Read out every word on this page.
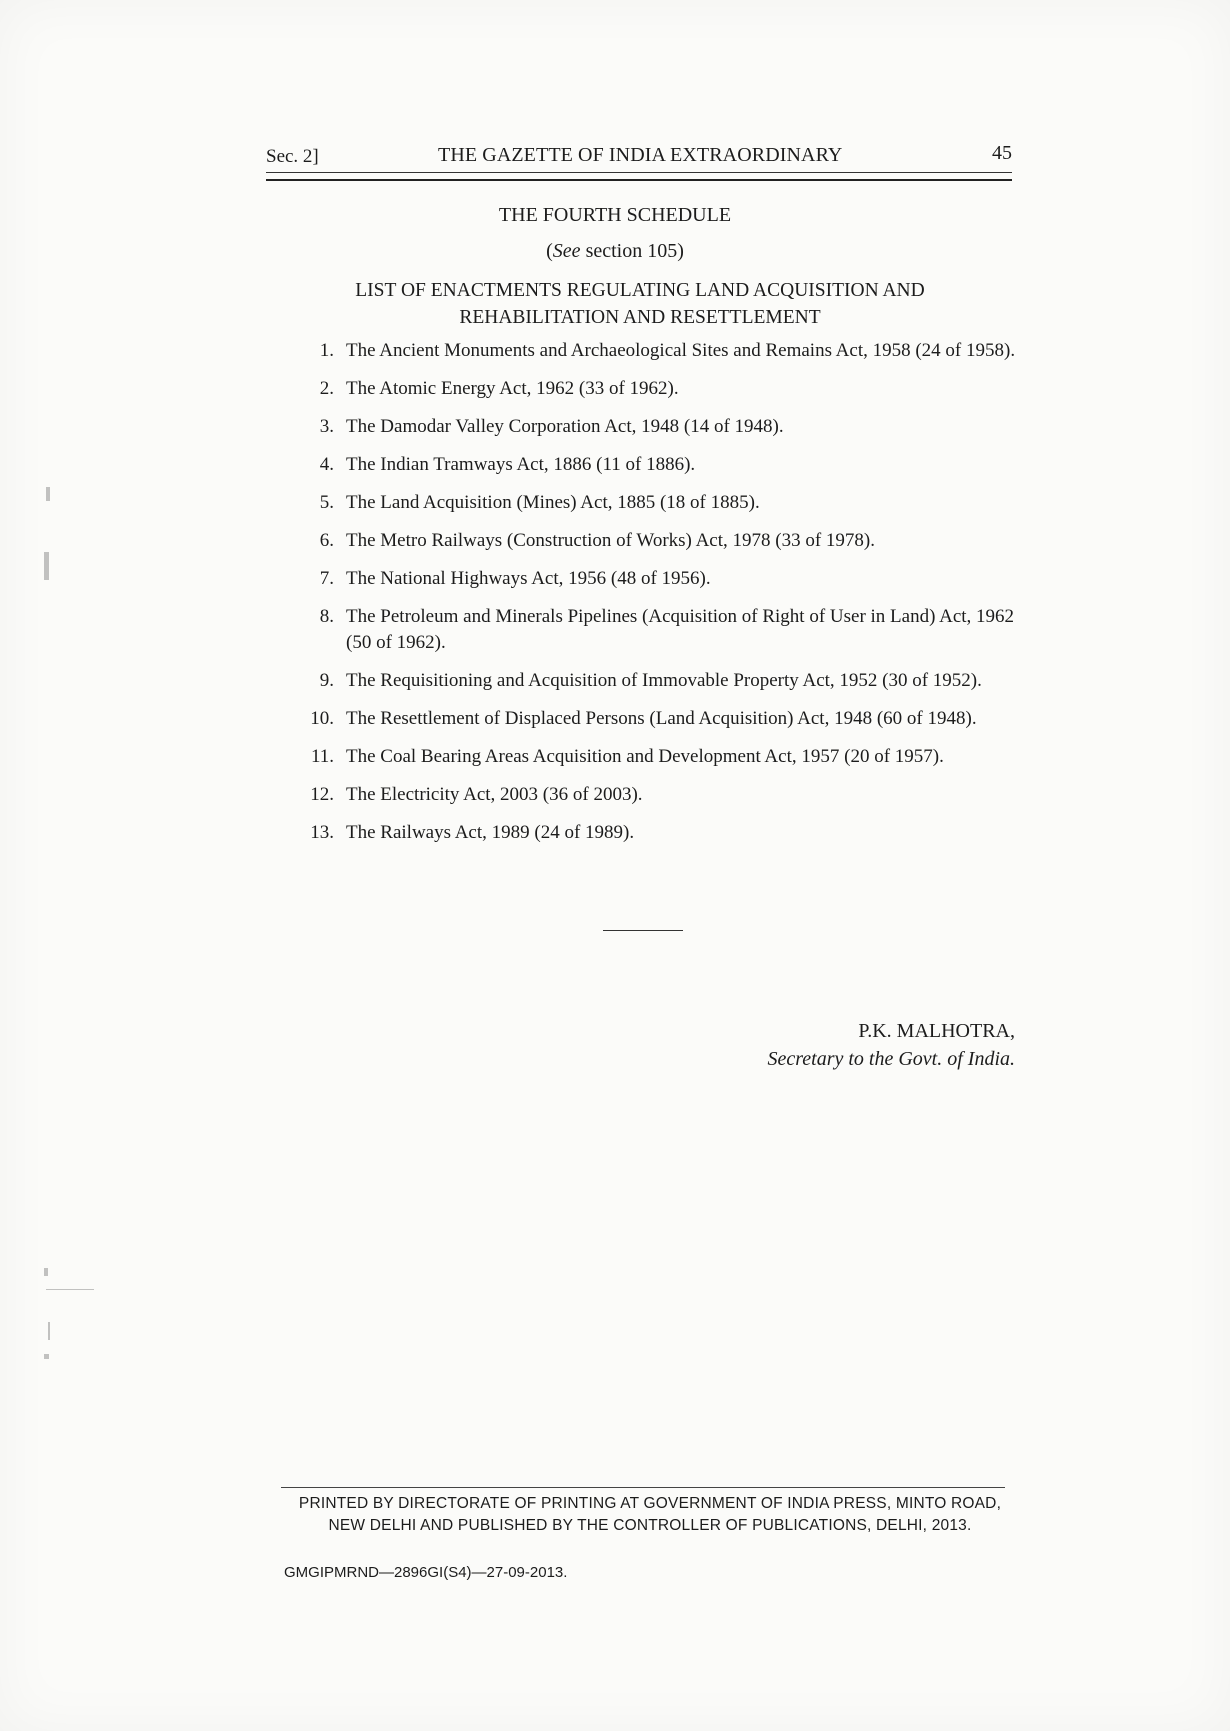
Sec. 2]	THE GAZETTE OF INDIA EXTRAORDINARY	45
THE FOURTH SCHEDULE
(See section 105)
LIST OF ENACTMENTS REGULATING LAND ACQUISITION AND
REHABILITATION AND RESETTLEMENT
1. The Ancient Monuments and Archaeological Sites and Remains Act, 1958 (24 of 1958).
2. The Atomic Energy Act, 1962 (33 of 1962).
3. The Damodar Valley Corporation Act, 1948 (14 of 1948).
4. The Indian Tramways Act, 1886 (11 of 1886).
5. The Land Acquisition (Mines) Act, 1885 (18 of 1885).
6. The Metro Railways (Construction of Works) Act, 1978 (33 of 1978).
7. The National Highways Act, 1956 (48 of 1956).
8. The Petroleum and Minerals Pipelines (Acquisition of Right of User in Land) Act, 1962 (50 of 1962).
9. The Requisitioning and Acquisition of Immovable Property Act, 1952 (30 of 1952).
10. The Resettlement of Displaced Persons (Land Acquisition) Act, 1948 (60 of 1948).
11. The Coal Bearing Areas Acquisition and Development Act, 1957 (20 of 1957).
12. The Electricity Act, 2003 (36 of 2003).
13. The Railways Act, 1989 (24 of 1989).
P.K. MALHOTRA,
Secretary to the Govt. of India.
PRINTED BY DIRECTORATE OF PRINTING AT GOVERNMENT OF INDIA PRESS, MINTO ROAD,
NEW DELHI AND PUBLISHED BY THE CONTROLLER OF PUBLICATIONS, DELHI, 2013.
GMGIPMRND—2896GI(S4)—27-09-2013.
